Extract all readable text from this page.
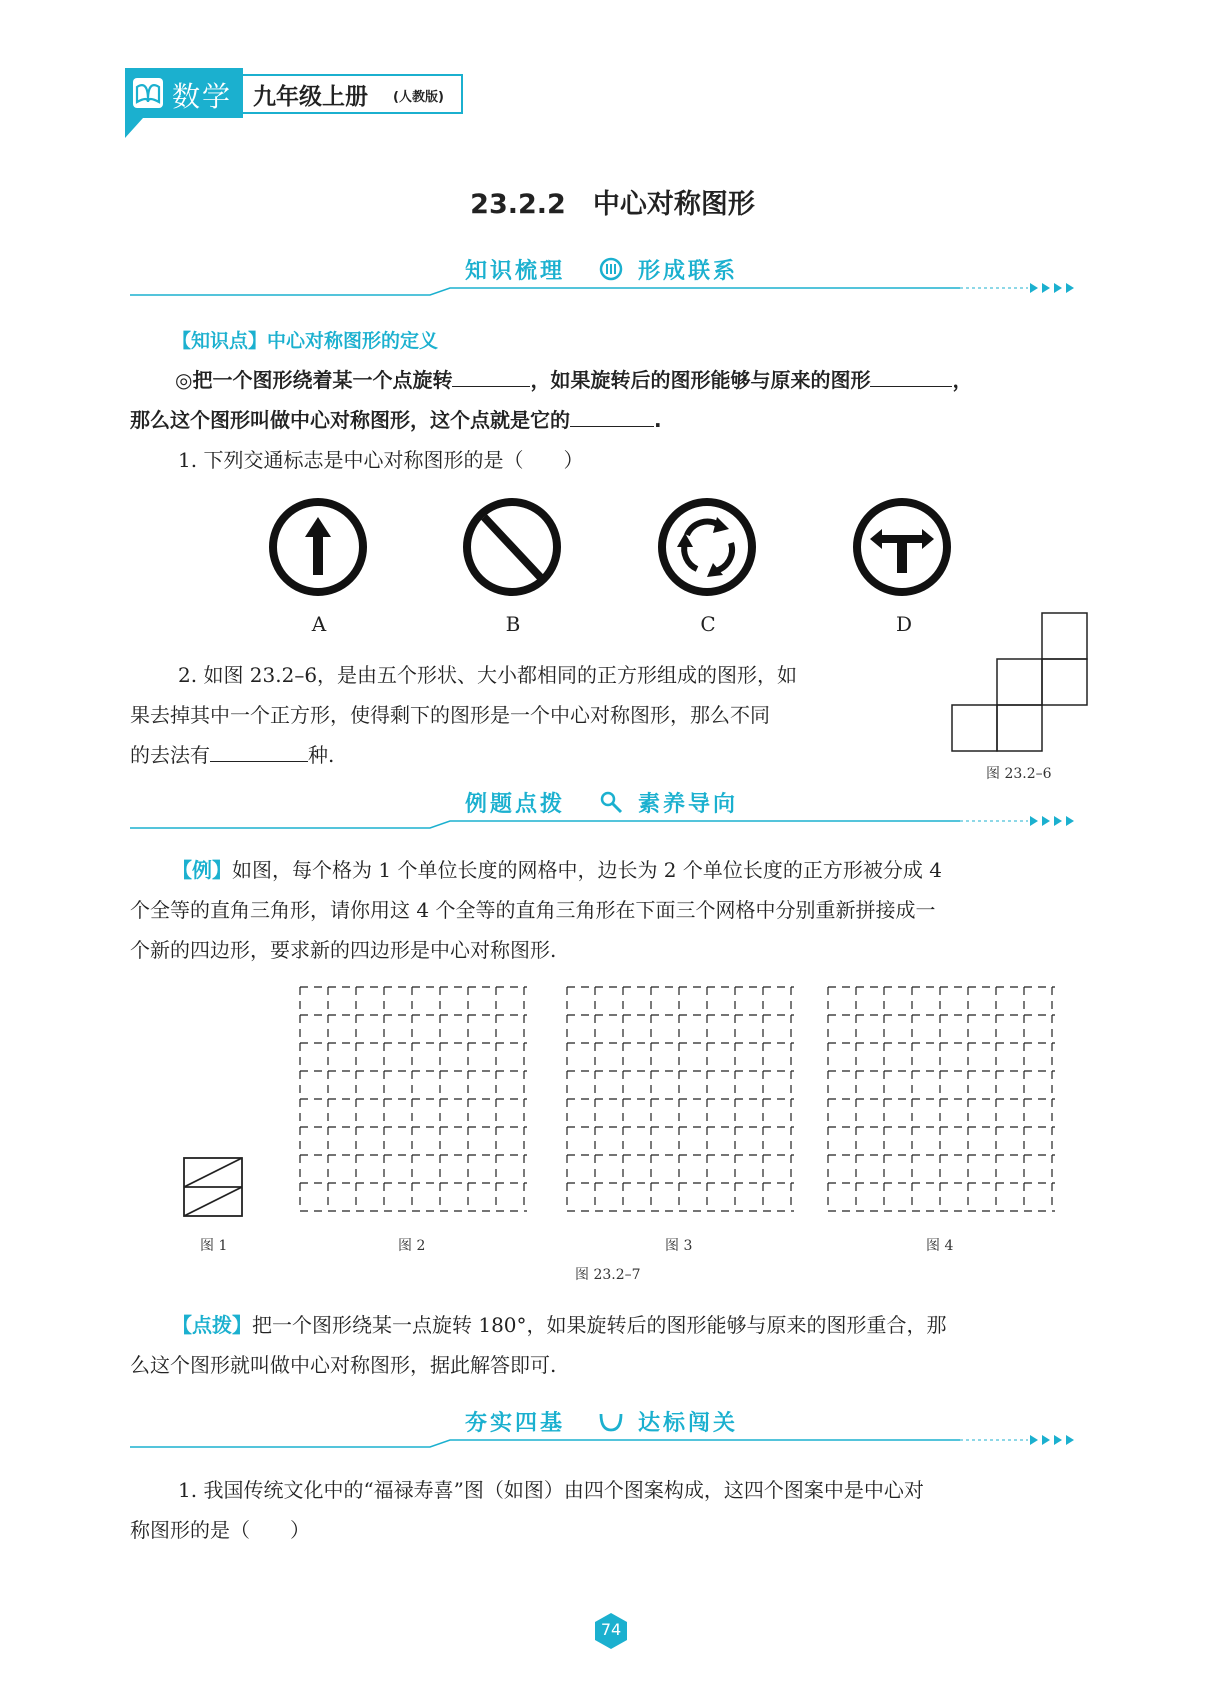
数学 九年级上册 (人教版)
23.2.2　中心对称图形
知识梳理	形成联系
【知识点】中心对称图形的定义
◎把一个图形绕着某一个点旋转	，如果旋转后的图形能够与原来的图形	，
那么这个图形叫做中心对称图形，这个点就是它的	.
1. 下列交通标志是中心对称图形的是（　　）
A	B	C	D
2. 如图 23.2–6，是由五个形状、大小都相同的正方形组成的图形，如
果去掉其中一个正方形，使得剩下的图形是一个中心对称图形，那么不同
的去法有	种.
图 23.2–6
例题点拨	素养导向
【例】如图，每个格为 1 个单位长度的网格中，边长为 2 个单位长度的正方形被分成 4
个全等的直角三角形，请你用这 4 个全等的直角三角形在下面三个网格中分别重新拼接成一
个新的四边形，要求新的四边形是中心对称图形.
图 1	图 2	图 3	图 4
图 23.2–7
【点拨】把一个图形绕某一点旋转 180°，如果旋转后的图形能够与原来的图形重合，那
么这个图形就叫做中心对称图形，据此解答即可.
夯实四基	达标闯关
1. 我国传统文化中的“福禄寿喜”图（如图）由四个图案构成，这四个图案中是中心对
称图形的是（　　）
74
